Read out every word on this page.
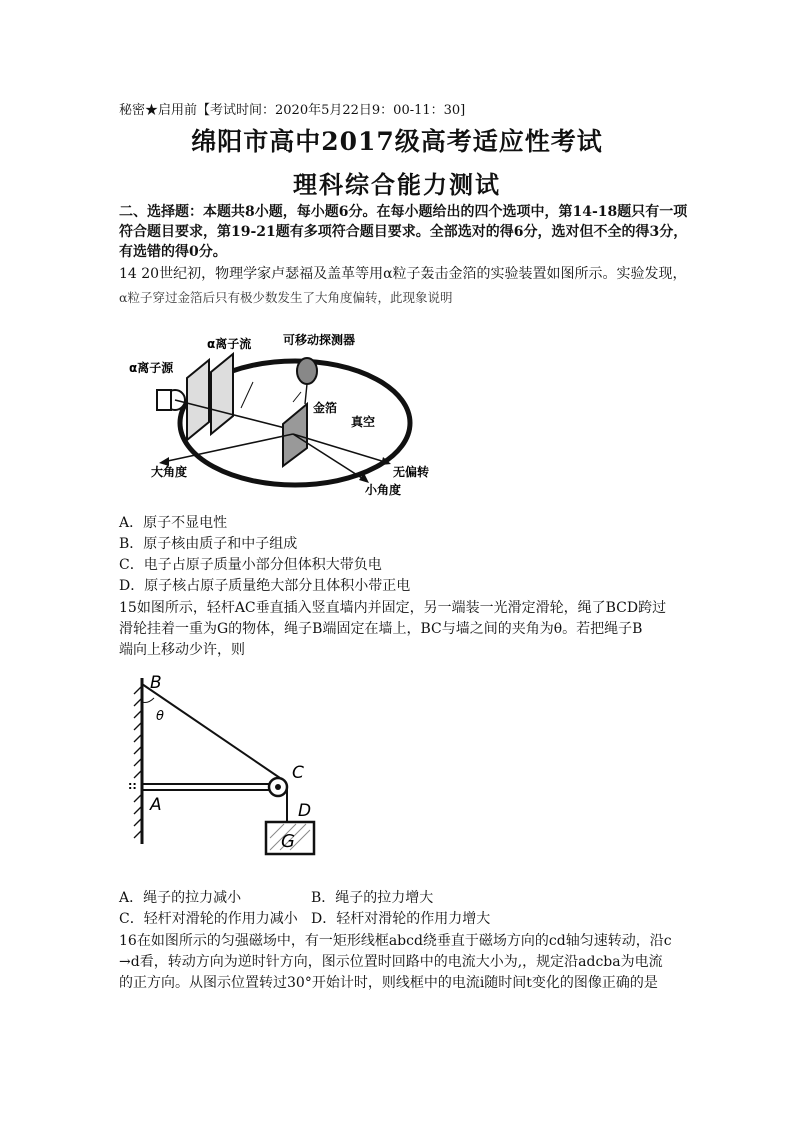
秘密★启用前【考试时间：2020年5月22日9：00-11：30]
绵阳市高中2017级高考适应性考试
理科综合能力测试
二、选择题：本题共8小题，每小题6分。在每小题给出的四个选项中，第14-18题只有一项符合题目要求，第19-21题有多项符合题目要求。全部选对的得6分，选对但不全的得3分，有选错的得0分。
14 20世纪初，物理学家卢瑟福及盖革等用α粒子轰击金箔的实验装置如图所示。实验发现，
α粒子穿过金箔后只有极少数发生了大角度偏转，此现象说明
α离子源
α离子流	可移动探测器
金箔
真空
大角度	无偏转
小角度
A．原子不显电性
B．原子核由质子和中子组成
C．电子占原子质量小部分但体积大带负电
D．原子核占原子质量绝大部分且体积小带正电
15如图所示，轻杆AC垂直插入竖直墙内并固定，另一端装一光滑定滑轮，绳了BCD跨过
滑轮挂着一重为G的物体，绳子B端固定在墙上，BC与墙之间的夹角为θ。若把绳子B
端向上移动少许，则
::
B
θ
C
A	D
G
A．绳子的拉力减小	B．绳子的拉力增大
C．轻杆对滑轮的作用力减小 D．轻杆对滑轮的作用力增大
16在如图所示的匀强磁场中，有一矩形线框abcd绕垂直于磁场方向的cd轴匀速转动，沿c
→d看，转动方向为逆时针方向，图示位置时回路中的电流大小为,，规定沿adcba为电流
的正方向。从图示位置转过30°开始计时，则线框中的电流i随时间t变化的图像正确的是
